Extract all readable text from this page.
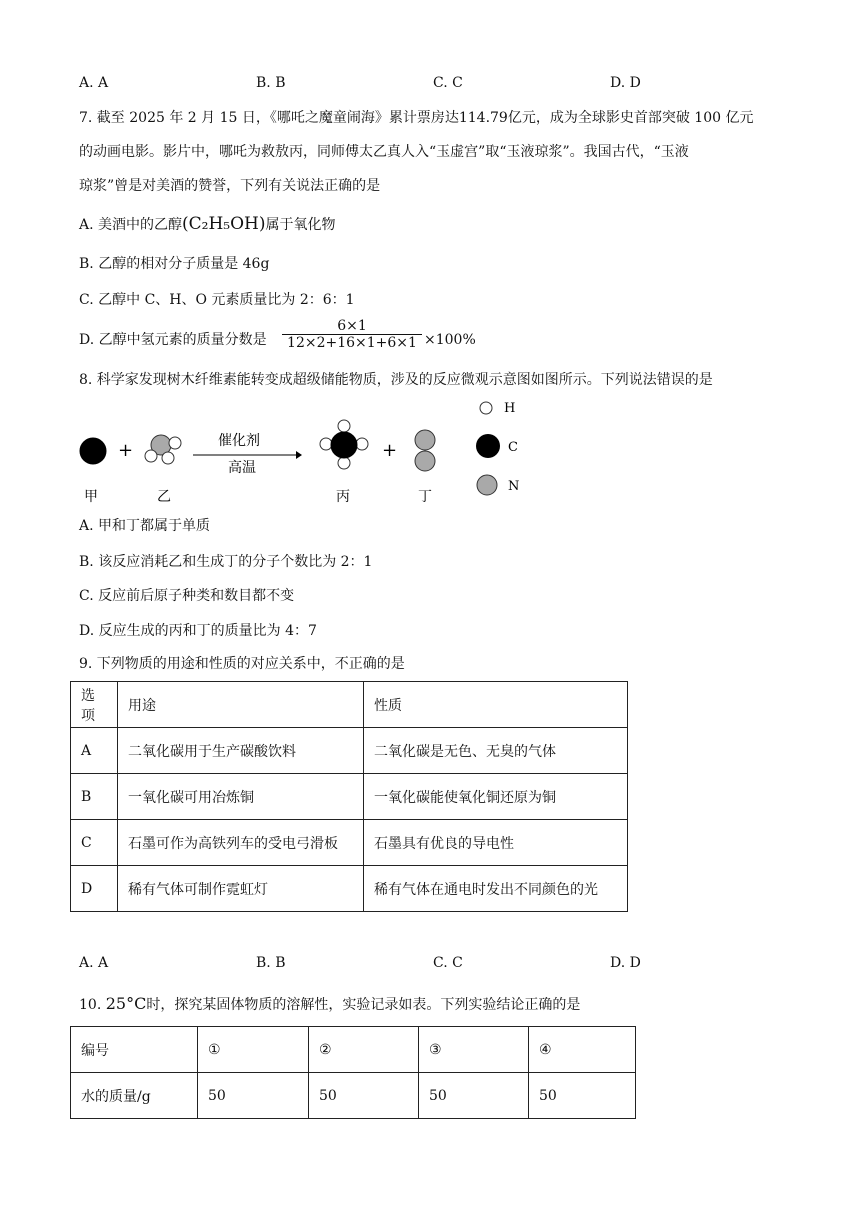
A. A	B. B	C. C	D. D
7. 截至 2025 年 2 月 15 日，《哪吒之魔童闹海》累计票房达114.79亿元，成为全球影史首部突破 100 亿元
的动画电影。影片中，哪吒为救敖丙，同师傅太乙真人入“玉虚宫”取“玉液琼浆”。我国古代，“玉液
琼浆”曾是对美酒的赞誉，下列有关说法正确的是
A. 美酒中的乙醇(C₂H₅OH)属于氧化物
B. 乙醇的相对分子质量是 46g
C. 乙醇中 C、H、O 元素质量比为 2：6：1
D. 乙醇中氢元素的质量分数是 $\frac{6\times 1}{12\times 2+16\times 1+6\times 1} \times 100\%$
8. 科学家发现树木纤维素能转变成超级储能物质，涉及的反应微观示意图如图所示。下列说法错误的是
+	催化剂
高温
+
甲	乙	丙	丁
H
C
N
A. 甲和丁都属于单质
B. 该反应消耗乙和生成丁的分子个数比为 2：1
C. 反应前后原子种类和数目都不变
D. 反应生成的丙和丁的质量比为 4：7
9. 下列物质的用途和性质的对应关系中，不正确的是
选项	用途	性质
A	二氧化碳用于生产碳酸饮料	二氧化碳是无色、无臭的气体
B	一氧化碳可用冶炼铜	一氧化碳能使氧化铜还原为铜
C	石墨可作为高铁列车的受电弓滑板	石墨具有优良的导电性
D	稀有气体可制作霓虹灯	稀有气体在通电时发出不同颜色的光
A. A	B. B	C. C	D. D
10. 25°C时，探究某固体物质的溶解性，实验记录如表。下列实验结论正确的是
编号	①	②	③	④
水的质量/g	50	50	50	50
